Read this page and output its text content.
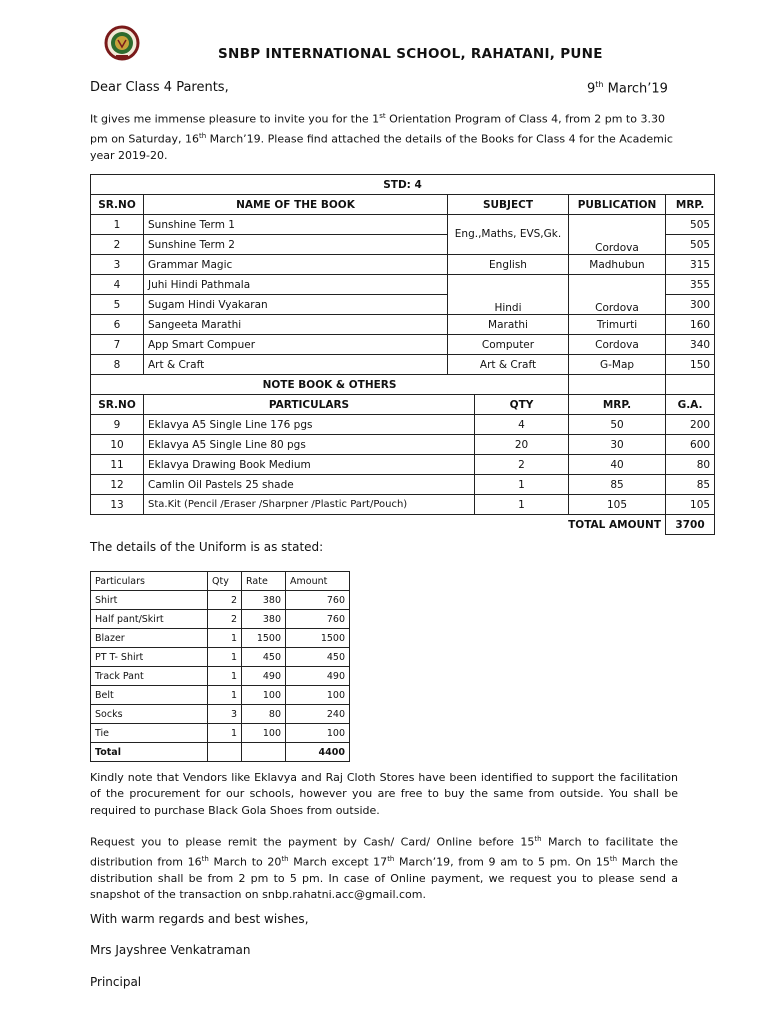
SNBP INTERNATIONAL SCHOOL, RAHATANI, PUNE
Dear Class 4 Parents,	9th March’19
It gives me immense pleasure to invite you for the 1st Orientation Program of Class 4, from 2 pm to 3.30 pm on Saturday, 16th March’19. Please find attached the details of the Books for Class 4 for the Academic year 2019-20.
STD: 4					
SR.NO	NAME OF THE BOOK	SUBJECT		PUBLICATION	MRP.
1	Sunshine Term 1	Eng.,Maths, EVS,Gk.		Cordova	505
2	Sunshine Term 2				505
3	Grammar Magic	English		Madhubun	315
4	Juhi Hindi Pathmala	Hindi		Cordova	355
5	Sugam Hindi Vyakaran				300
6	Sangeeta Marathi	Marathi		Trimurti	160
7	App Smart Compuer	Computer		Cordova	340
8	Art & Craft	Art & Craft		G-Map	150
NOTE BOOK & OTHERS					
SR.NO	PARTICULARS		QTY	MRP.	G.A.
9	Eklavya A5 Single Line 176 pgs		4	50	200
10	Eklavya A5 Single Line 80 pgs		20	30	600
11	Eklavya Drawing Book Medium		2	40	80
12	Camlin Oil Pastels 25 shade		1	85	85
13	Sta.Kit (Pencil /Eraser /Sharpner /Plastic Part/Pouch)		1	105	105
TOTAL AMOUNT					3700
The details of the Uniform is as stated:
Particulars	Qty	Rate	Amount
Shirt	2	380	760
Half pant/Skirt	2	380	760
Blazer	1	1500	1500
PT T- Shirt	1	450	450
Track Pant	1	490	490
Belt	1	100	100
Socks	3	80	240
Tie	1	100	100
Total			4400
Kindly note that Vendors like Eklavya and Raj Cloth Stores have been identified to support the facilitation of the procurement for our schools, however you are free to buy the same from outside. You shall be required to purchase Black Gola Shoes from outside.
Request you to please remit the payment by Cash/ Card/ Online before 15th March to facilitate the distribution from 16th March to 20th March except 17th March’19, from 9 am to 5 pm. On 15th March the distribution shall be from 2 pm to 5 pm. In case of Online payment, we request you to please send a snapshot of the transaction on snbp.rahatni.acc@gmail.com.
With warm regards and best wishes,
Mrs Jayshree Venkatraman
Principal
